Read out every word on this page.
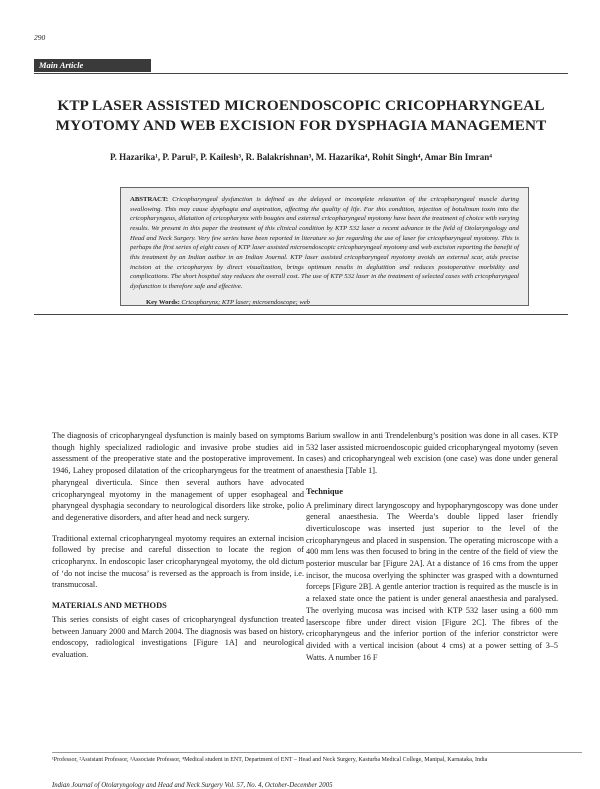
290
Main Article
KTP LASER ASSISTED MICROENDOSCOPIC CRICOPHARYNGEAL
MYOTOMY AND WEB EXCISION FOR DYSPHAGIA MANAGEMENT
P. Hazarika¹, P. Parul², P. Kailesh³, R. Balakrishnan³, M. Hazarika⁴, Rohit Singh⁴, Amar Bin Imran⁴

ABSTRACT: Cricopharyngeal dysfunction is defined as the delayed or incomplete relaxation of the cricopharyngeal muscle during swallowing. This may cause dysphagia and aspiration, affecting the quality of life. For this condition, injection of botulinum toxin into the cricopharyngeus, dilatation of cricopharynx with bougies and external cricopharyngeal myotomy have been the treatment of choice with varying results. We present in this paper the treatment of this clinical condition by KTP 532 laser a recent advance in the field of Otolaryngology and Head and Neck Surgery. Very few series have been reported in literature so far regarding the use of laser for cricopharyngeal myotomy. This is perhaps the first series of eight cases of KTP laser assisted microendoscopic cricopharyngeal myotomy and web excision reporting the benefit of this treatment by an Indian author in an Indian Journal. KTP laser assisted cricopharyngeal myotomy avoids an external scar, aids precise incision at the cricopharynx by direct visualization, brings optimum results in deglutition and reduces postoperative morbidity and complications. The short hospital stay reduces the overall cost. The use of KTP 532 laser in the treatment of selected cases with cricopharyngeal dysfunction is therefore safe and effective.

Key Words: Cricopharynx; KTP laser; microendoscope; web

The diagnosis of cricopharyngeal dysfunction is mainly based on symptoms though highly specialized radiologic and invasive probe studies aid in assessment of the preoperative state and the postoperative improvement. In 1946, Lahey proposed dilatation of the cricopharyngeus for the treatment of pharyngeal diverticula. Since then several authors have advocated cricopharyngeal myotomy in the management of upper esophageal and pharyngeal dysphagia secondary to neurological disorders like stroke, polio and degenerative disorders, and after head and neck surgery.

Traditional external cricopharyngeal myotomy requires an external incision followed by precise and careful dissection to locate the region of cricopharynx. In endoscopic laser cricopharyngeal myotomy, the old dictum of ‘do not incise the mucosa’ is reversed as the approach is from inside, i.e. transmucosal.

MATERIALS AND METHODS

This series consists of eight cases of cricopharyngeal dysfunction treated between January 2000 and March 2004. The diagnosis was based on history, endoscopy, radiological investigations [Figure 1A] and neurological evaluation.

Barium swallow in anti Trendelenburg’s position was done in all cases. KTP 532 laser assisted microendoscopic guided cricopharyngeal myotomy (seven cases) and cricopharyngeal web excision (one case) was done under general anaesthesia [Table 1].

Technique

A preliminary direct laryngoscopy and hypopharyngoscopy was done under general anaesthesia. The Weerda’s double lipped laser friendly diverticuloscope was inserted just superior to the level of the cricopharyngeus and placed in suspension. The operating microscope with a 400 mm lens was then focused to bring in the centre of the field of view the posterior muscular bar [Figure 2A]. At a distance of 16 cms from the upper incisor, the mucosa overlying the sphincter was grasped with a downturned forceps [Figure 2B]. A gentle anterior traction is required as the muscle is in a relaxed state once the patient is under general anaesthesia and paralysed. The overlying mucosa was incised with KTP 532 laser using a 600 mm laserscope fibre under direct vision [Figure 2C]. The fibres of the cricopharyngeus and the inferior portion of the inferior constrictor were divided with a vertical incision (about 4 cms) at a power setting of 3–5 Watts. A number 16 F

¹Professor, ²Assistant Professor, ³Associate Professor, ⁴Medical student in ENT, Department of ENT – Head and Neck Surgery, Kasturba Medical College, Manipal, Karnataka, India
Indian Journal of Otolaryngology and Head and Neck Surgery Vol. 57, No. 4, October-December 2005
